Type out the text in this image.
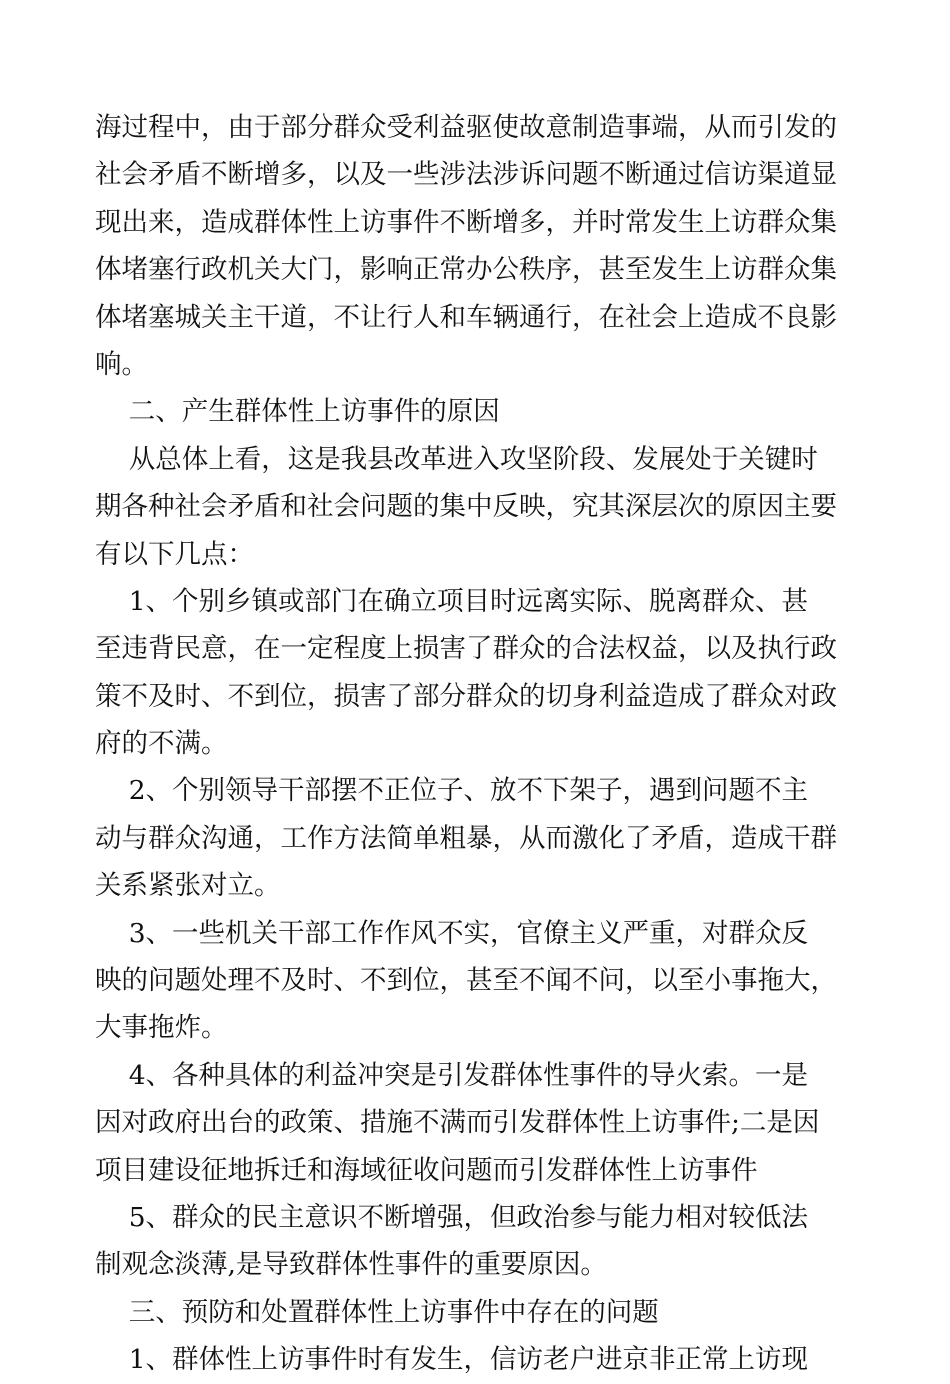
海过程中，由于部分群众受利益驱使故意制造事端，从而引发的
社会矛盾不断增多，以及一些涉法涉诉问题不断通过信访渠道显
现出来，造成群体性上访事件不断增多，并时常发生上访群众集
体堵塞行政机关大门，影响正常办公秩序，甚至发生上访群众集
体堵塞城关主干道，不让行人和车辆通行，在社会上造成不良影
响。
二、产生群体性上访事件的原因
从总体上看，这是我县改革进入攻坚阶段、发展处于关键时
期各种社会矛盾和社会问题的集中反映，究其深层次的原因主要
有以下几点：
1、个别乡镇或部门在确立项目时远离实际、脱离群众、甚
至违背民意，在一定程度上损害了群众的合法权益，以及执行政
策不及时、不到位，损害了部分群众的切身利益造成了群众对政
府的不满。
2、个别领导干部摆不正位子、放不下架子，遇到问题不主
动与群众沟通，工作方法简单粗暴，从而激化了矛盾，造成干群
关系紧张对立。
3、一些机关干部工作作风不实，官僚主义严重，对群众反
映的问题处理不及时、不到位，甚至不闻不问，以至小事拖大，
大事拖炸。
4、各种具体的利益冲突是引发群体性事件的导火索。一是
因对政府出台的政策、措施不满而引发群体性上访事件;二是因
项目建设征地拆迁和海域征收问题而引发群体性上访事件
5、群众的民主意识不断增强，但政治参与能力相对较低法
制观念淡薄,是导致群体性事件的重要原因。
三、预防和处置群体性上访事件中存在的问题
1、群体性上访事件时有发生，信访老户进京非正常上访现
